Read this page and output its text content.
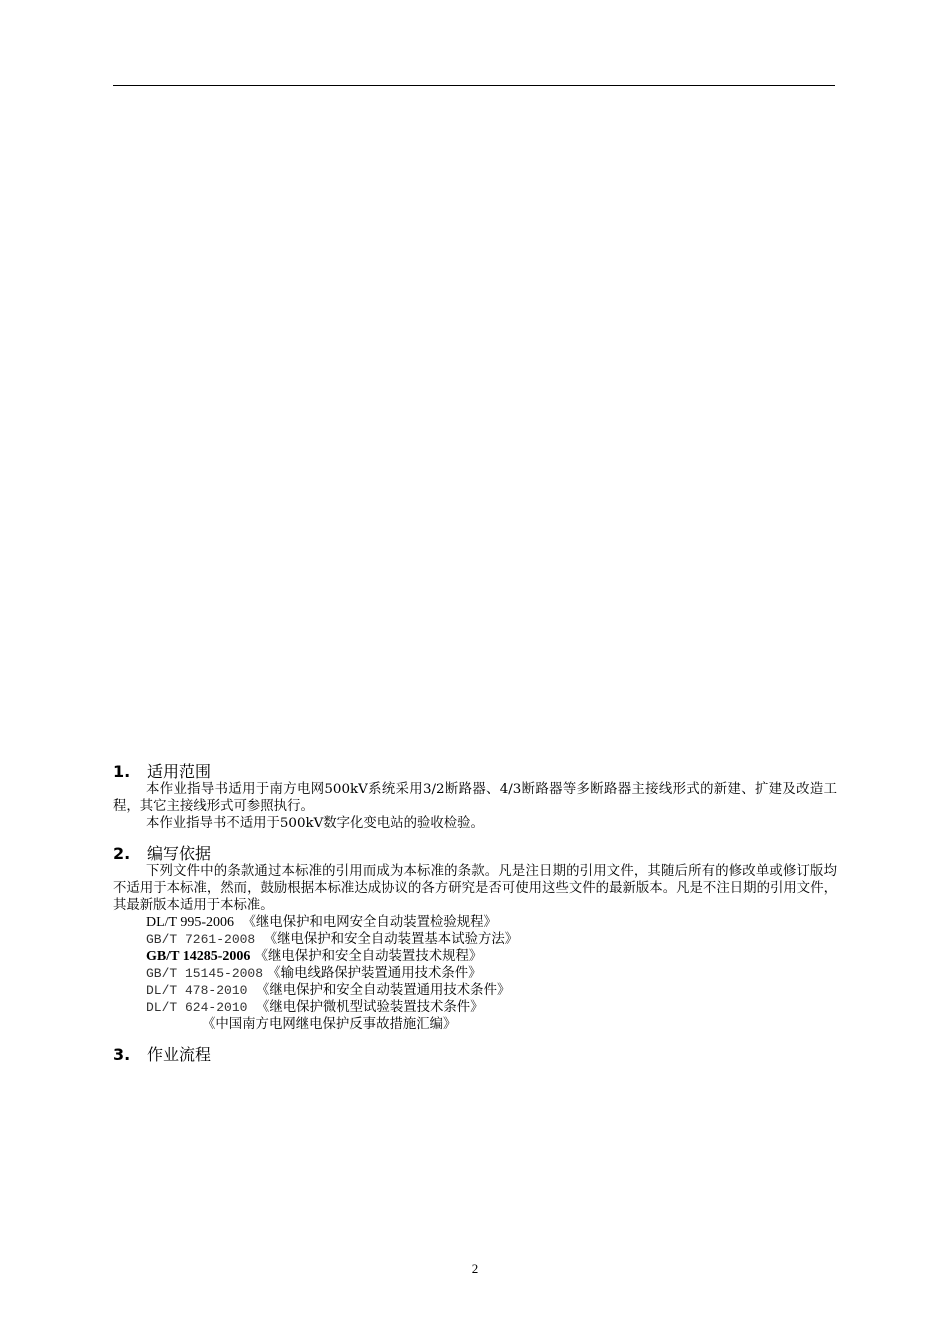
1.	适用范围

本作业指导书适用于南方电网500kV系统采用3/2断路器、4/3断路器等多断路器主接线形式的新建、扩建及改造工程，其它主接线形式可参照执行。

本作业指导书不适用于500kV数字化变电站的验收检验。

2.	编写依据

下列文件中的条款通过本标准的引用而成为本标准的条款。凡是注日期的引用文件，其随后所有的修改单或修订版均不适用于本标准，然而，鼓励根据本标准达成协议的各方研究是否可使用这些文件的最新版本。凡是不注日期的引用文件，其最新版本适用于本标准。

DL/T 995-2006 《继电保护和电网安全自动装置检验规程》
GB/T 7261-2008 《继电保护和安全自动装置基本试验方法》
GB/T 14285-2006 《继电保护和安全自动装置技术规程》
GB/T 15145-2008 《输电线路保护装置通用技术条件》
DL/T 478-2010 《继电保护和安全自动装置通用技术条件》
DL/T 624-2010 《继电保护微机型试验装置技术条件》
《中国南方电网继电保护反事故措施汇编》
3.	作业流程
2
